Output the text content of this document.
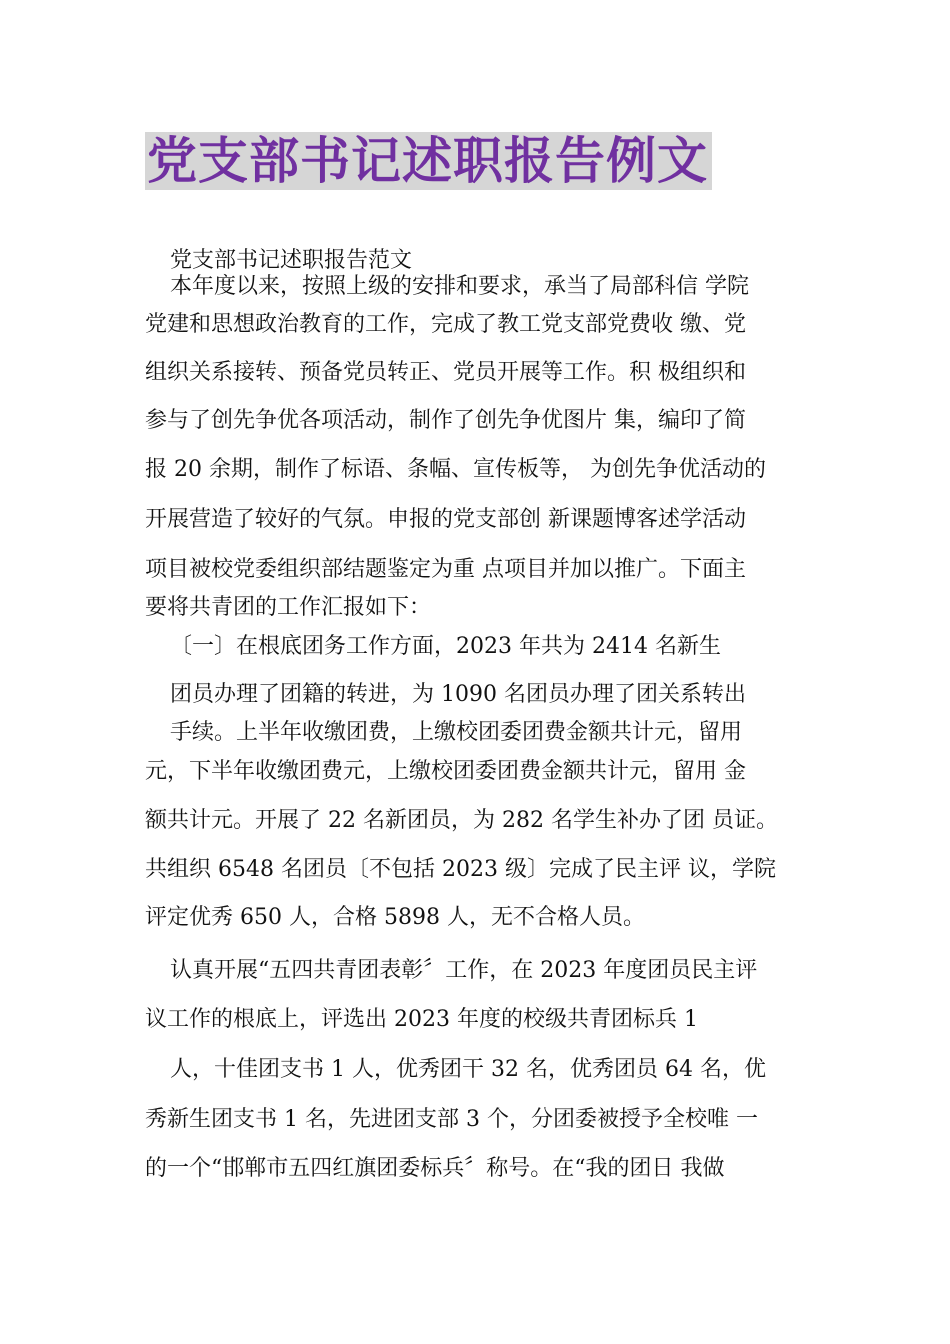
党支部书记述职报告例文

党支部书记述职报告范文

本年度以来，按照上级的安排和要求，承当了局部科信 学院

党建和思想政治教育的工作，完成了教工党支部党费收 缴、党

组织关系接转、预备党员转正、党员开展等工作。积 极组织和

参与了创先争优各项活动，制作了创先争优图片 集，编印了简

报 20 余期，制作了标语、条幅、宣传板等， 为创先争优活动的

开展营造了较好的气氛。申报的党支部创 新课题博客述学活动

项目被校党委组织部结题鉴定为重 点项目并加以推广。下面主

要将共青团的工作汇报如下：

〔一〕在根底团务工作方面，2023 年共为 2414 名新生

团员办理了团籍的转进，为 1090 名团员办理了团关系转出

手续。上半年收缴团费，上缴校团委团费金额共计元，留用

元，下半年收缴团费元，上缴校团委团费金额共计元，留用 金

额共计元。开展了 22 名新团员，为 282 名学生补办了团 员证。

共组织 6548 名团员〔不包括 2023 级〕完成了民主评 议，学院

评定优秀 650 人，合格 5898 人，无不合格人员。

认真开展“五四共青团表彰〞工作，在 2023 年度团员民主评

议工作的根底上，评选出 2023 年度的校级共青团标兵 1

人，十佳团支书 1 人，优秀团干 32 名，优秀团员 64 名，优

秀新生团支书 1 名，先进团支部 3 个，分团委被授予全校唯 一

的一个“邯郸市五四红旗团委标兵〞称号。在“我的团日 我做
